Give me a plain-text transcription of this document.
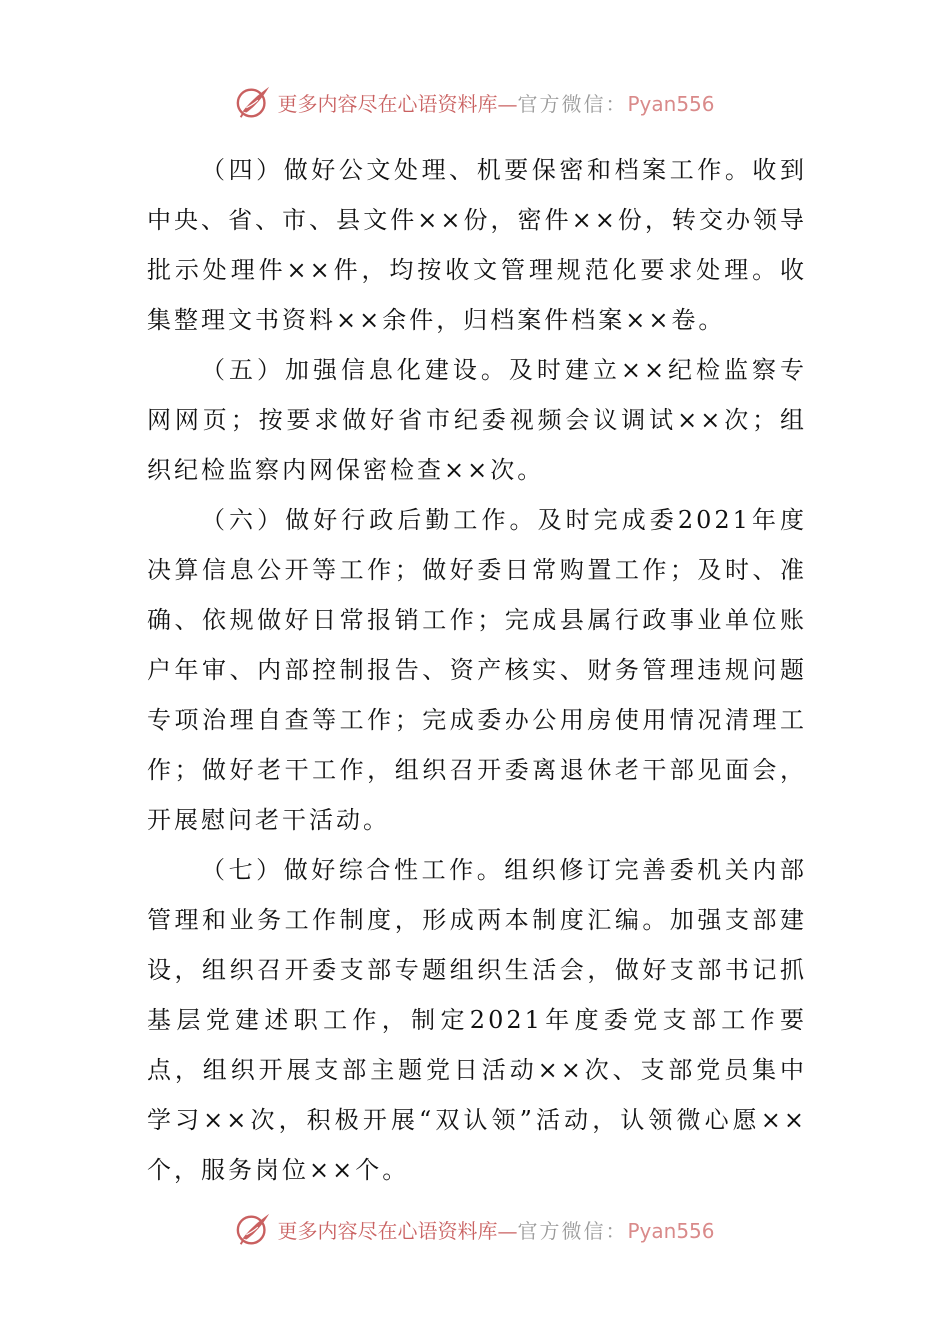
更多内容尽在心语资料库—官方微信：Pyan556

（四）做好公文处理、机要保密和档案工作。收到中央、省、市、县文件××份，密件××份，转交办领导批示处理件××件，均按收文管理规范化要求处理。收集整理文书资料××余件，归档案件档案××卷。

（五）加强信息化建设。及时建立××纪检监察专网网页；按要求做好省市纪委视频会议调试××次；组织纪检监察内网保密检查××次。

（六）做好行政后勤工作。及时完成委2021年度决算信息公开等工作；做好委日常购置工作；及时、准确、依规做好日常报销工作；完成县属行政事业单位账户年审、内部控制报告、资产核实、财务管理违规问题专项治理自查等工作；完成委办公用房使用情况清理工作；做好老干工作，组织召开委离退休老干部见面会，开展慰问老干活动。

（七）做好综合性工作。组织修订完善委机关内部管理和业务工作制度，形成两本制度汇编。加强支部建设，组织召开委支部专题组织生活会，做好支部书记抓基层党建述职工作，制定2021年度委党支部工作要点，组织开展支部主题党日活动××次、支部党员集中学习××次，积极开展“双认领”活动，认领微心愿××个，服务岗位××个。

更多内容尽在心语资料库—官方微信：Pyan556
